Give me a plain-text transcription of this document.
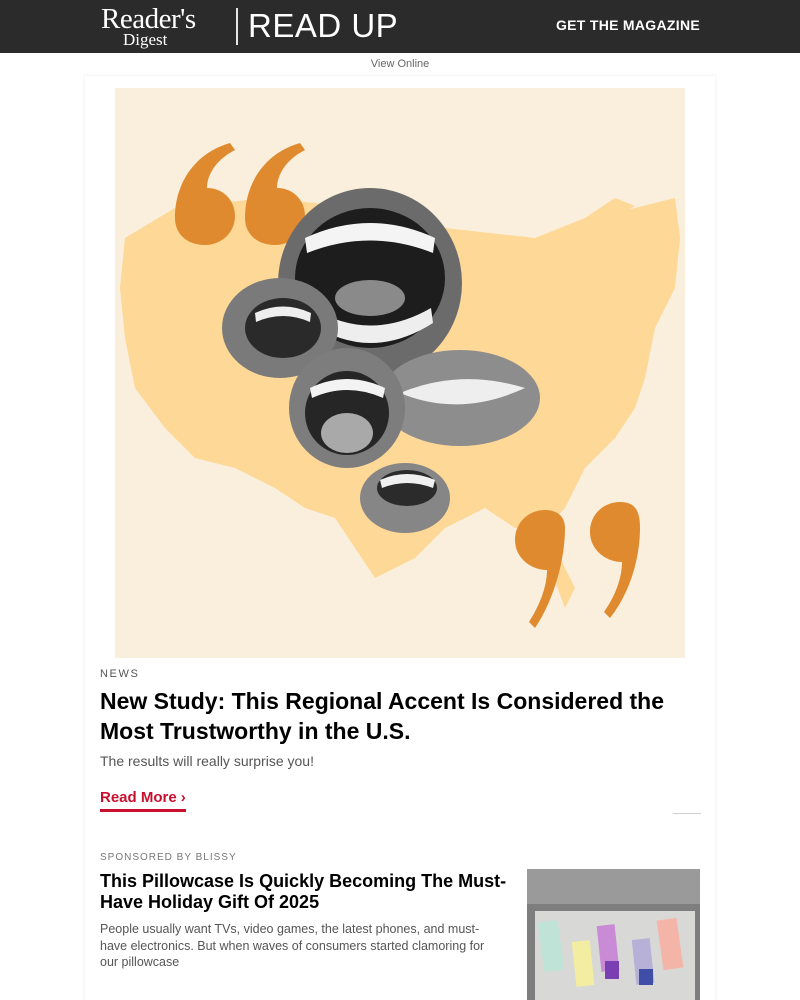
Reader's
Digest	READ UP	GET THE MAGAZINE
View Online
NEWS
New Study: This Regional Accent Is Considered the Most Trustworthy in the U.S.
The results will really surprise you!
Read More ›
SPONSORED BY BLISSY
This Pillowcase Is Quickly Becoming The Must-Have Holiday Gift Of 2025
People usually want TVs, video games, the latest phones, and must-have electronics. But when waves of consumers started clamoring for our pillowcase
